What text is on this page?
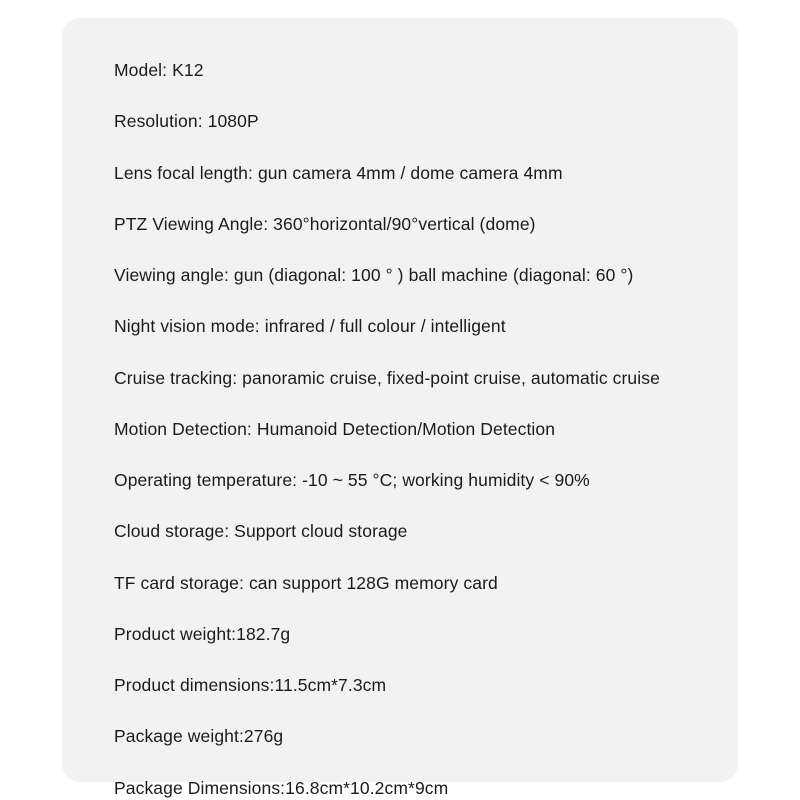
Model: K12
Resolution: 1080P
Lens focal length: gun camera 4mm / dome camera 4mm
PTZ Viewing Angle: 360°horizontal/90°vertical (dome)
Viewing angle: gun (diagonal: 100 ° ) ball machine (diagonal: 60 °)
Night vision mode: infrared / full colour / intelligent
Cruise tracking: panoramic cruise, fixed-point cruise, automatic cruise
Motion Detection: Humanoid Detection/Motion Detection
Operating temperature: -10 ~ 55 °C; working humidity < 90%
Cloud storage: Support cloud storage
TF card storage: can support 128G memory card
Product weight:182.7g
Product dimensions:11.5cm*7.3cm
Package weight:276g
Package Dimensions:16.8cm*10.2cm*9cm
